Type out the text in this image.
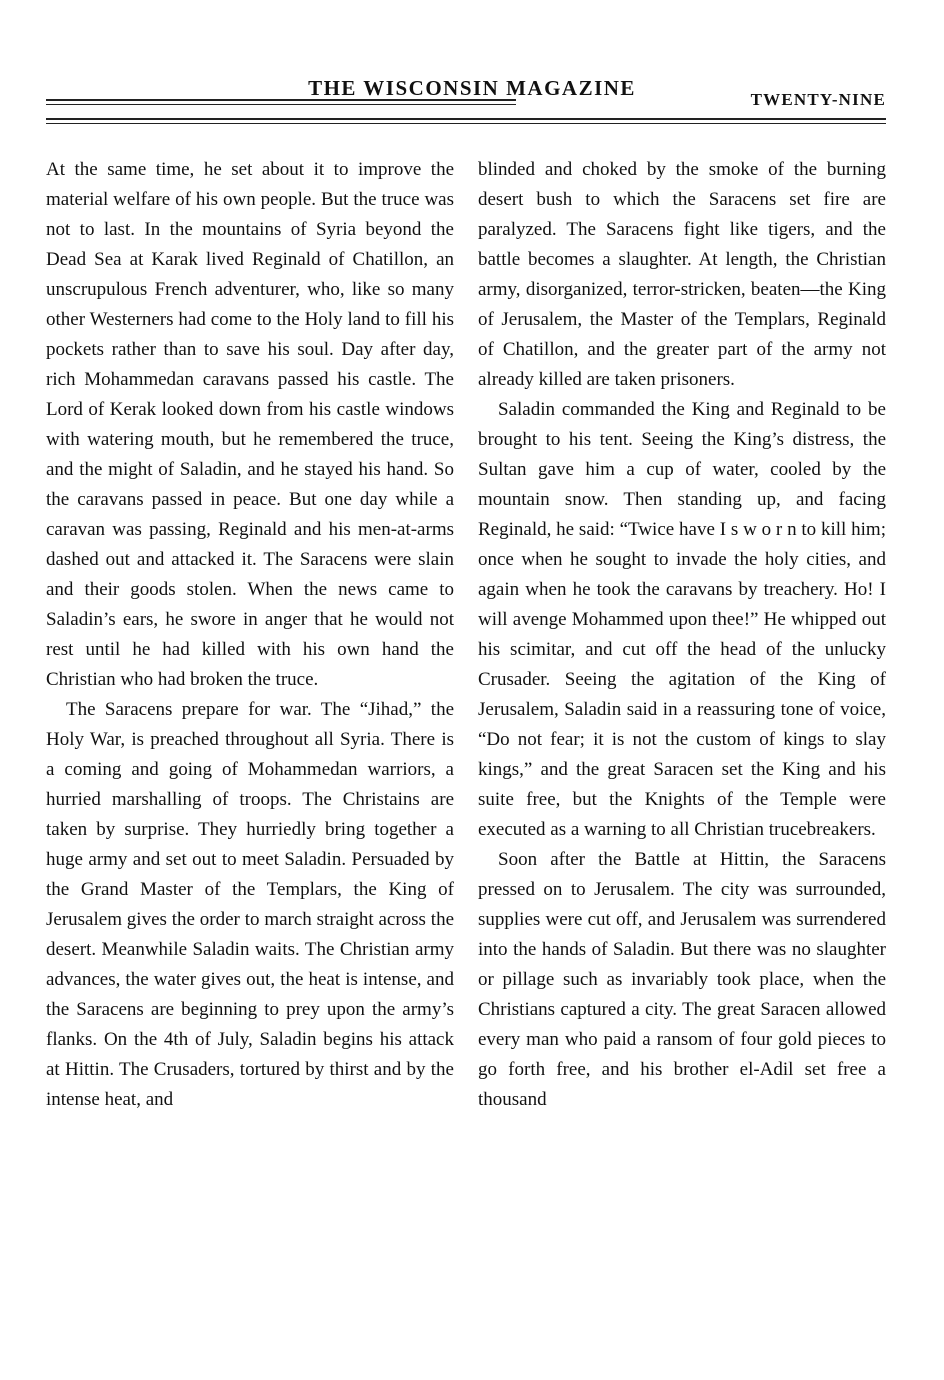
THE WISCONSIN MAGAZINE	TWENTY-NINE

At the same time, he set about it to improve the material welfare of his own people. But the truce was not to last. In the mountains of Syria beyond the Dead Sea at Karak lived Reginald of Chatillon, an unscrupulous French adventurer, who, like so many other Westerners had come to the Holy land to fill his pockets rather than to save his soul. Day after day, rich Mohammedan caravans passed his castle. The Lord of Kerak looked down from his castle windows with watering mouth, but he remembered the truce, and the might of Saladin, and he stayed his hand. So the caravans passed in peace. But one day while a caravan was passing, Reginald and his men-at-arms dashed out and attacked it. The Saracens were slain and their goods stolen. When the news came to Saladin’s ears, he swore in anger that he would not rest until he had killed with his own hand the Christian who had broken the truce.

The Saracens prepare for war. The “Jihad,” the Holy War, is preached throughout all Syria. There is a coming and going of Mohammedan warriors, a hurried marshalling of troops. The Christains are taken by surprise. They hurriedly bring together a huge army and set out to meet Saladin. Persuaded by the Grand Master of the Templars, the King of Jerusalem gives the order to march straight across the desert. Meanwhile Saladin waits. The Christian army advances, the water gives out, the heat is intense, and the Saracens are beginning to prey upon the army’s flanks. On the 4th of July, Saladin begins his attack at Hittin. The Crusaders, tortured by thirst and by the intense heat, and

blinded and choked by the smoke of the burning desert bush to which the Saracens set fire are paralyzed. The Saracens fight like tigers, and the battle becomes a slaughter. At length, the Christian army, disorganized, terror-stricken, beaten—the King of Jerusalem, the Master of the Templars, Reginald of Chatillon, and the greater part of the army not already killed are taken prisoners.

Saladin commanded the King and Reginald to be brought to his tent. Seeing the King’s distress, the Sultan gave him a cup of water, cooled by the mountain snow. Then standing up, and facing Reginald, he said: “Twice have I s w o r n to kill him; once when he sought to invade the holy cities, and again when he took the caravans by treachery. Ho! I will avenge Mohammed upon thee!” He whipped out his scimitar, and cut off the head of the unlucky Crusader. Seeing the agitation of the King of Jerusalem, Saladin said in a reassuring tone of voice, “Do not fear; it is not the custom of kings to slay kings,” and the great Saracen set the King and his suite free, but the Knights of the Temple were executed as a warning to all Christian trucebreakers.

Soon after the Battle at Hittin, the Saracens pressed on to Jerusalem. The city was surrounded, supplies were cut off, and Jerusalem was surrendered into the hands of Saladin. But there was no slaughter or pillage such as invariably took place, when the Christians captured a city. The great Saracen allowed every man who paid a ransom of four gold pieces to go forth free, and his brother el-Adil set free a thousand
